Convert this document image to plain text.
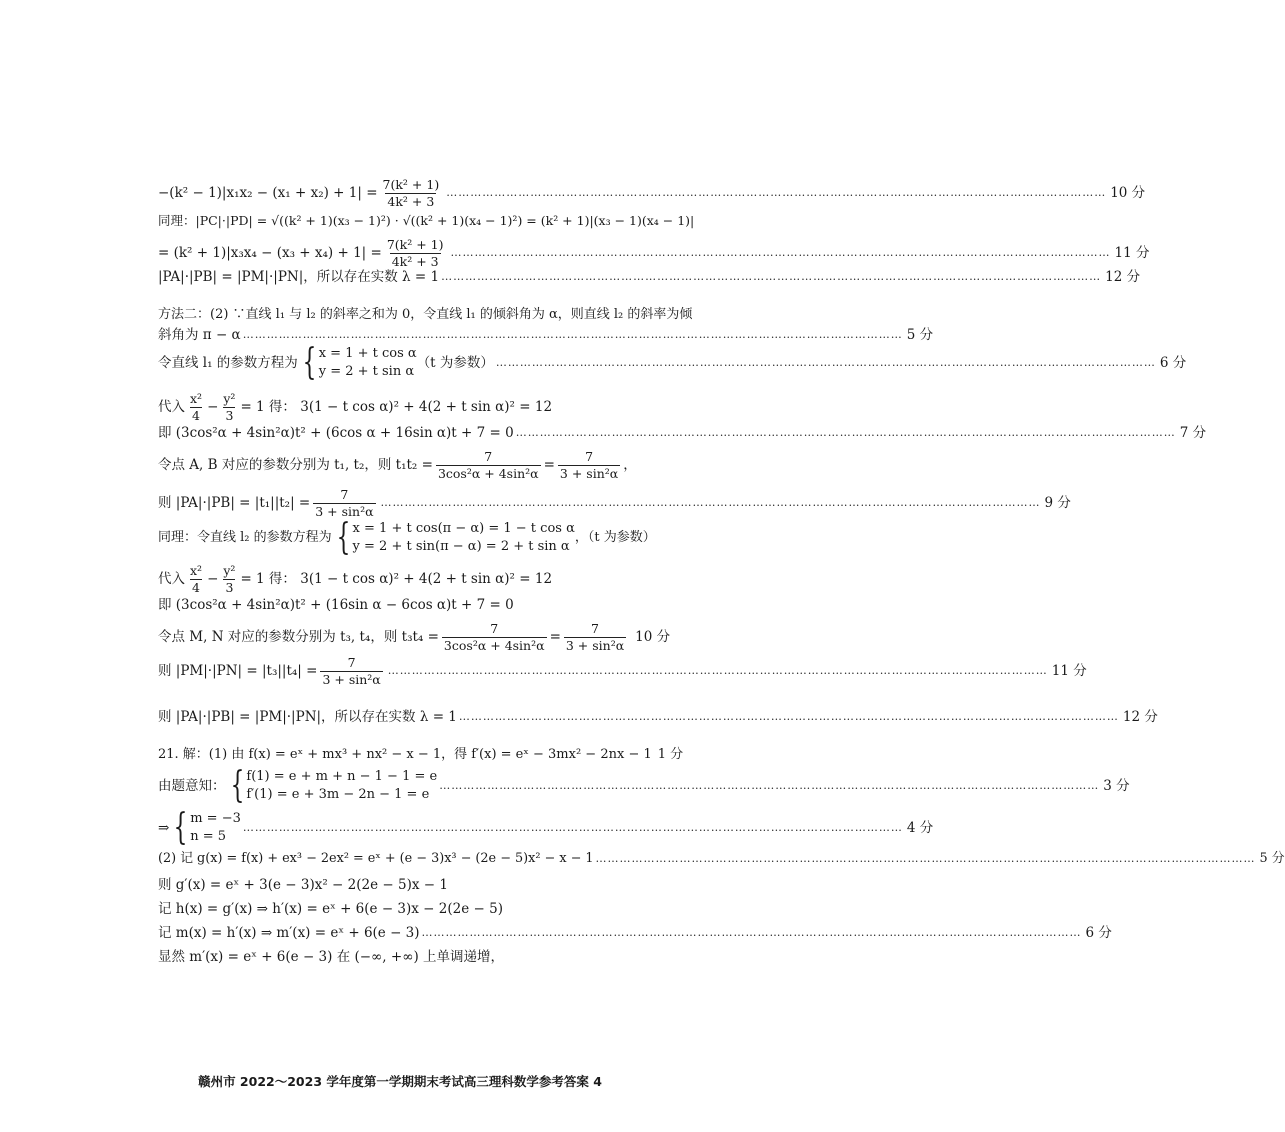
$-(k^2 - 1)|x_1x_2 - (x_1 + x_2) + 1| = \frac{\text{7(k² + 1)}}{\text{4k² + 3}}$ ………………………………………………………………………………………………………………………………………………… 10 分
同理：|PC|·|PD| = √((k² + 1)(x₃ − 1)²) · √((k² + 1)(x₄ − 1)²) = (k² + 1)|(x₃ − 1)(x₄ − 1)|
= $(k^2 + 1)|x_3x_4 - (x_3 + x_4) + 1| = \frac{\text{7(k² + 1)}}{\text{4k² + 3}}$ ………………………………………………………………………………………………………………………………………………… 11 分
|PA|·|PB| = |PM|·|PN|，所以存在实数 λ = 1 ………………………………………………………………………………………………………………………………………………… 12 分
方法二：(2) ∵直线 l₁ 与 l₂ 的斜率之和为 0，令直线 l₁ 的倾斜角为 α，则直线 l₂ 的斜率为倾
斜角为 π − α ………………………………………………………………………………………………………………………………………………… 5 分
令直线 l₁ 的参数方程为 { x = 1 + t cos α
y = 2 + t sin α
（t 为参数） ………………………………………………………………………………………………………………………………………………… 6 分
代入 $\frac{\text{x²}}{4} - \frac{\text{y²}}{3} = 1$ 得： 3(1 − t cos α)² + 4(2 + t sin α)² = 12
即 (3cos²α + 4sin²α)t² + (6cos α + 16sin α)t + 7 = 0 ………………………………………………………………………………………………………………………………………………… 7 分
令点 A, B 对应的参数分别为 t₁, t₂，则 $t_1t_2 = \frac{7}{\text{3cos²α + 4sin²α}} = \frac{7}{\text{3 + sin²α}}$ ，
则 $|PA|\cdot|PB| = |t_1||t_2| = \frac{7}{\text{3 + sin²α}}$ ………………………………………………………………………………………………………………………………………………… 9 分
同理：令直线 l₂ 的参数方程为 { x = 1 + t cos(π − α) = 1 − t cos α
y = 2 + t sin(π − α) = 2 + t sin α
，（t 为参数）
代入 $\frac{\text{x²}}{4} - \frac{\text{y²}}{3} = 1$ 得： 3(1 − t cos α)² + 4(2 + t sin α)² = 12
即 (3cos²α + 4sin²α)t² + (16sin α − 6cos α)t + 7 = 0
令点 M, N 对应的参数分别为 t₃, t₄，则 $t_3t_4 = \frac{7}{\text{3cos²α + 4sin²α}} = \frac{7}{\text{3 + sin²α}} 10$ 分
则 $|PM|\cdot|PN| = |t_3||t_4| = \frac{7}{\text{3 + sin²α}}$ ………………………………………………………………………………………………………………………………………………… 11 分
则 |PA|·|PB| = |PM|·|PN|，所以存在实数 λ = 1 ………………………………………………………………………………………………………………………………………………… 12 分
21. 解：(1) 由 f(x) = eˣ + mx³ + nx² − x − 1，得 f′(x) = eˣ − 3mx² − 2nx − 1 1 分
由题意知： { f(1) = e + m + n − 1 − 1 = e
f′(1) = e + 3m − 2n − 1 = e
………………………………………………………………………………………………………………………………………………… 3 分
⇒ { m = −3
n = 5
………………………………………………………………………………………………………………………………………………… 4 分
(2) 记 g(x) = f(x) + ex³ − 2ex² = eˣ + (e − 3)x³ − (2e − 5)x² − x − 1 ………………………………………………………………………………………………………………………………………………… 5 分
则 g′(x) = eˣ + 3(e − 3)x² − 2(2e − 5)x − 1
记 h(x) = g′(x) ⇒ h′(x) = eˣ + 6(e − 3)x − 2(2e − 5)
记 m(x) = h′(x) ⇒ m′(x) = eˣ + 6(e − 3) ………………………………………………………………………………………………………………………………………………… 6 分
显然 m′(x) = eˣ + 6(e − 3) 在 (−∞, +∞) 上单调递增，
赣州市 2022～2023 学年度第一学期期末考试高三理科数学参考答案 4
